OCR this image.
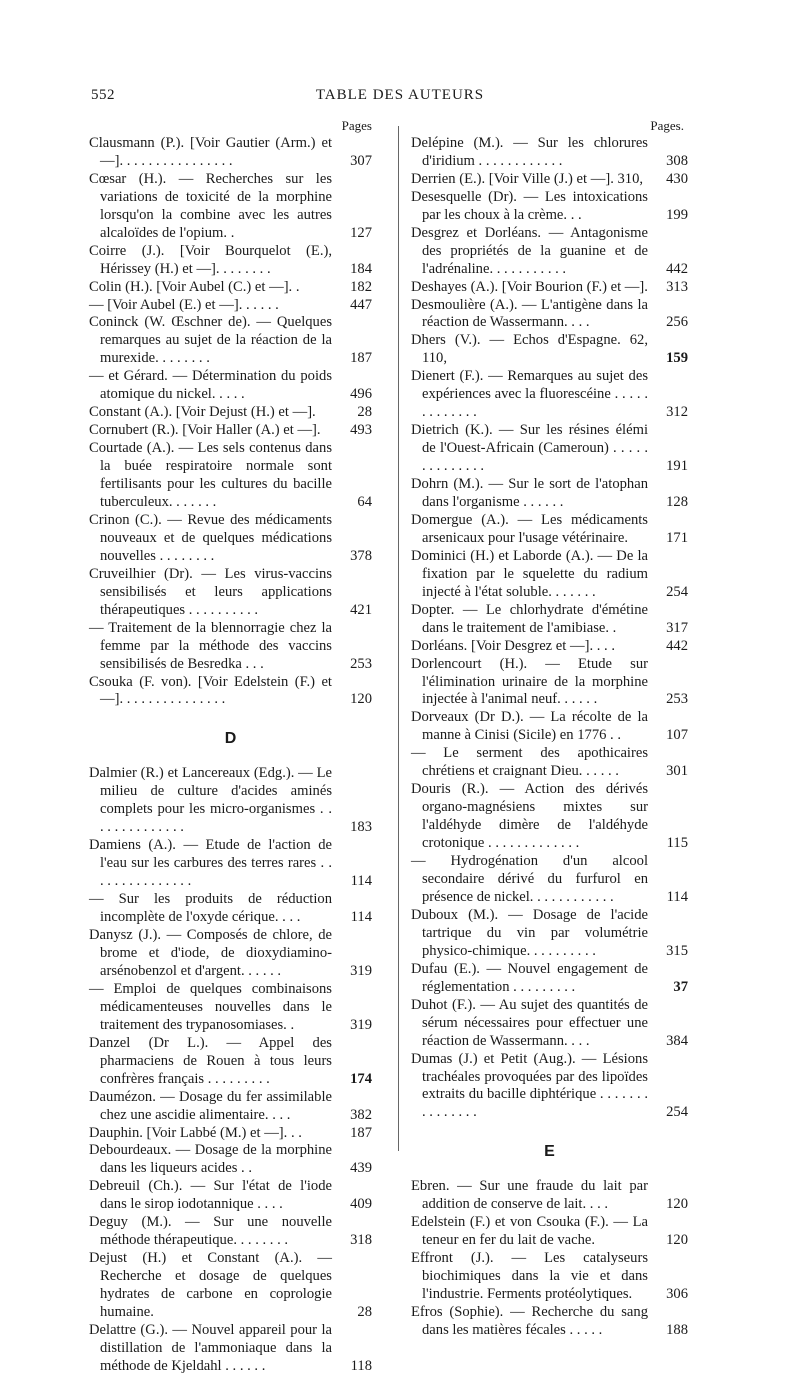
552	TABLE DES AUTEURS
Pages
Clausmann (P.). [Voir Gautier (Arm.) et —]. . . . . . . . . . . . . . . .	307
Cœsar (H.). — Recherches sur les variations de toxicité de la morphine lorsqu'on la combine avec les autres alcaloïdes de l'opium. .	127
Coirre (J.). [Voir Bourquelot (E.), Hérissey (H.) et —]. . . . . . . .	184
Colin (H.). [Voir Aubel (C.) et —]. .	182
— [Voir Aubel (E.) et —]. . . . . .	447
Coninck (W. Œschner de). — Quelques remarques au sujet de la réaction de la murexide. . . . . . . .	187
— et Gérard. — Détermination du poids atomique du nickel. . . . .	496
Constant (A.). [Voir Dejust (H.) et —].	28
Cornubert (R.). [Voir Haller (A.) et —]. 493
Courtade (A.). — Les sels contenus dans la buée respiratoire normale sont fertilisants pour les cultures du bacille tuberculeux. . . . . . .	64
Crinon (C.). — Revue des médicaments nouveaux et de quelques médications nouvelles . . . . . . . .	378
Cruveilhier (Dr). — Les virus-vaccins sensibilisés et leurs applications thérapeutiques . . . . . . . . . .	421
— Traitement de la blennorragie chez la femme par la méthode des vaccins sensibilisés de Besredka . . .	253
Csouka (F. von). [Voir Edelstein (F.) et —]. . . . . . . . . . . . . . .	120
D
Dalmier (R.) et Lancereaux (Edg.). — Le milieu de culture d'acides aminés complets pour les micro-organismes . . . . . . . . . . . . . .	183
Damiens (A.). — Etude de l'action de l'eau sur les carbures des terres rares . . . . . . . . . . . . . . .	114
— Sur les produits de réduction incomplète de l'oxyde cérique. . . .	114
Danysz (J.). — Composés de chlore, de brome et d'iode, de dioxydiamino-arsénobenzol et d'argent. . . . . .	319
— Emploi de quelques combinaisons médicamenteuses nouvelles dans le traitement des trypanosomiases. .	319
Danzel (Dr L.). — Appel des pharmaciens de Rouen à tous leurs confrères français . . . . . . . . .	174
Daumézon. — Dosage du fer assimilable chez une ascidie alimentaire. . . .	382
Dauphin. [Voir Labbé (M.) et —]. . .	187
Debourdeaux. — Dosage de la morphine dans les liqueurs acides . .	439
Debreuil (Ch.). — Sur l'état de l'iode dans le sirop iodotannique . . . .	409
Deguy (M.). — Sur une nouvelle méthode thérapeutique. . . . . . . .	318
Dejust (H.) et Constant (A.). — Recherche et dosage de quelques hydrates de carbone en coprologie humaine.	28
Delattre (G.). — Nouvel appareil pour la distillation de l'ammoniaque dans la méthode de Kjeldahl . . . . . .	118
Pages.
Delépine (M.). — Sur les chlorures d'iridium . . . . . . . . . . . .	308
Derrien (E.). [Voir Ville (J.) et —]. 310, 430
Desesquelle (Dr). — Les intoxications par les choux à la crème. . .	199
Desgrez et Dorléans. — Antagonisme des propriétés de la guanine et de l'adrénaline. . . . . . . . . . .	442
Deshayes (A.). [Voir Bourion (F.) et —]. 313
Desmoulière (A.). — L'antigène dans la réaction de Wassermann. . . .	256
Dhers (V.). — Echos d'Espagne. 62, 110,	159
Dienert (F.). — Remarques au sujet des expériences avec la fluorescéine . . . . . . . . . . . . .	312
Dietrich (K.). — Sur les résines élémi de l'Ouest-Africain (Cameroun) . . . . . . . . . . . . . .	191
Dohrn (M.). — Sur le sort de l'atophan dans l'organisme . . . . . .	128
Domergue (A.). — Les médicaments arsenicaux pour l'usage vétérinaire.	171
Dominici (H.) et Laborde (A.). — De la fixation par le squelette du radium injecté à l'état soluble. . . . . . .	254
Dopter. — Le chlorhydrate d'émétine dans le traitement de l'amibiase. .	317
Dorléans. [Voir Desgrez et —]. . . .	442
Dorlencourt (H.). — Etude sur l'élimination urinaire de la morphine injectée à l'animal neuf. . . . . .	253
Dorveaux (Dr D.). — La récolte de la manne à Cinisi (Sicile) en 1776 . .	107
— Le serment des apothicaires chrétiens et craignant Dieu. . . . . .	301
Douris (R.). — Action des dérivés organo-magnésiens mixtes sur l'aldéhyde dimère de l'aldéhyde crotonique . . . . . . . . . . . . .	115
— Hydrogénation d'un alcool secondaire dérivé du furfurol en présence de nickel. . . . . . . . . . . .	114
Duboux (M.). — Dosage de l'acide tartrique du vin par volumétrie physico-chimique. . . . . . . . . .	315
Dufau (E.). — Nouvel engagement de réglementation . . . . . . . . .	37
Duhot (F.). — Au sujet des quantités de sérum nécessaires pour effectuer une réaction de Wassermann. . . .	384
Dumas (J.) et Petit (Aug.). — Lésions trachéales provoquées par des lipoïdes extraits du bacille diphtérique . . . . . . . . . . . . . . .	254
E
Ebren. — Sur une fraude du lait par addition de conserve de lait. . . .	120
Edelstein (F.) et von Csouka (F.). — La teneur en fer du lait de vache.	120
Effront (J.). — Les catalyseurs biochimiques dans la vie et dans l'industrie. Ferments protéolytiques. 306
Efros (Sophie). — Recherche du sang dans les matières fécales . . . . .	188
